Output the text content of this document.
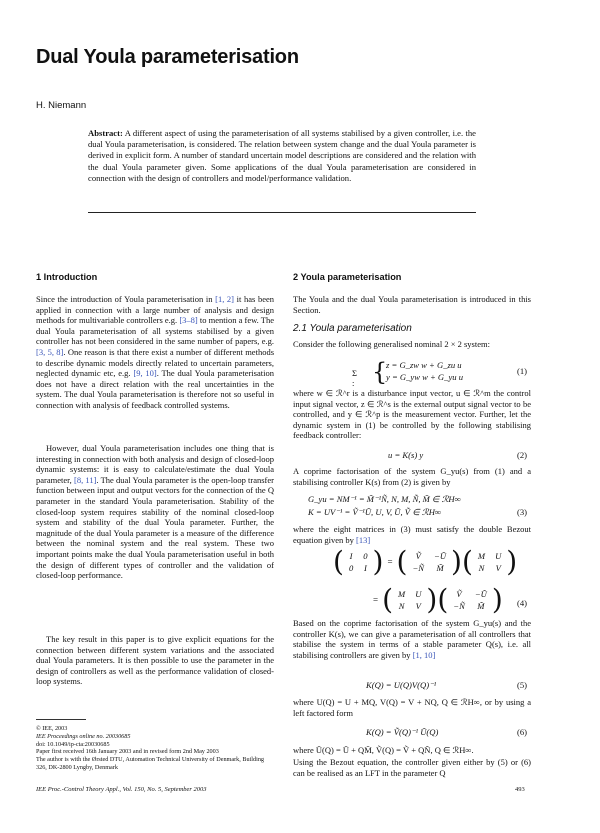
Dual Youla parameterisation
H. Niemann
Abstract: A different aspect of using the parameterisation of all systems stabilised by a given controller, i.e. the dual Youla parameterisation, is considered. The relation between system change and the dual Youla parameter is derived in explicit form. A number of standard uncertain model descriptions are considered and the relation with the dual Youla parameter given. Some applications of the dual Youla parameterisation are considered in connection with the design of controllers and model/performance validation.
1 Introduction
Since the introduction of Youla parameterisation in [1, 2] it has been applied in connection with a large number of analysis and design methods for multivariable controllers e.g. [3–8] to mention a few. The dual Youla parameterisation of all systems stabilised by a given controller has not been considered in the same number of papers, e.g. [3, 5, 8]. One reason is that there exist a number of different methods to describe dynamic models directly related to uncertain parameters, neglected dynamic etc, e.g. [9, 10]. The dual Youla parameterisation does not have a direct relation with the real uncertainties in the system. The dual Youla parameterisation is therefore not so useful in connection with analysis of feedback controlled systems.
However, dual Youla parameterisation includes one thing that is interesting in connection with both analysis and design of closed-loop dynamic systems: it is easy to calculate/estimate the dual Youla parameter, [8, 11]. The dual Youla parameter is the open-loop transfer function between input and output vectors for the connection of the Q parameter in the standard Youla parameterisation. Stability of the closed-loop system requires stability of the nominal closed-loop system and stability of the dual Youla parameter. Further, the magnitude of the dual Youla parameter is a measure of the difference between the nominal system and the real system. These two important points make the dual Youla parameterisation useful in both the design of different types of controller and the validation of closed-loop performance.
The key result in this paper is to give explicit equations for the connection between different system variations and the associated dual Youla parameters. It is then possible to use the parameter in the design of controllers as well as the performance validation of closed-loop systems.
© IEE, 2003
IEE Proceedings online no. 20030685
doi: 10.1049/ip-cta:20030685
Paper first received 16th January 2003 and in revised form 2nd May 2003
The author is with the Ørsted DTU, Automation Technical University of Denmark, Building 326, DK-2800 Lyngby, Denmark
IEE Proc.-Control Theory Appl., Vol. 150, No. 5, September 2003
2 Youla parameterisation
The Youla and the dual Youla parameterisation is introduced in this Section.
2.1 Youla parameterisation
Consider the following generalised nominal 2 × 2 system:
Σ : {
z = G_zw w + G_zu u
y = G_yw w + G_yu u
(1)
where w ∈ ℛ^r is a disturbance input vector, u ∈ ℛ^m the control input signal vector, z ∈ ℛ^s is the external output signal vector to be controlled, and y ∈ ℛ^p is the measurement vector. Further, let the dynamic system in (1) be controlled by the following stabilising feedback controller:
u = K(s) y	(2)
A coprime factorisation of the system G_yu(s) from (1) and a stabilising controller K(s) from (2) is given by
G_yu = NM⁻¹ = M̃⁻¹Ñ, N, M, Ñ, M̃ ∈ ℛH∞
K = UV⁻¹ = Ṽ⁻¹Ũ, U, V, Ũ, Ṽ ∈ ℛH∞	(3)
where the eight matrices in (3) must satisfy the double Bezout equation given by [13]
( I	0
0	I ) = ( Ṽ	−Ũ
−Ñ	M̃ )( M	U
N	V )
= ( M	U
N	V )( Ṽ	−Ũ
−Ñ	M̃ ) (4)
Based on the coprime factorisation of the system G_yu(s) and the controller K(s), we can give a parameterisation of all controllers that stabilise the system in terms of a stable parameter Q(s), i.e. all stabilising controllers are given by [1, 10]
K(Q) = U(Q)V(Q)⁻¹	(5)
where U(Q) = U + MQ, V(Q) = V + NQ, Q ∈ ℛH∞, or by using a left factored form
K(Q) = Ṽ(Q)⁻¹ Ũ(Q)	(6)
where Ũ(Q) = Ũ + QM̃, Ṽ(Q) = Ṽ + QÑ, Q ∈ ℛH∞.
Using the Bezout equation, the controller given either by (5) or (6) can be realised as an LFT in the parameter Q
493
